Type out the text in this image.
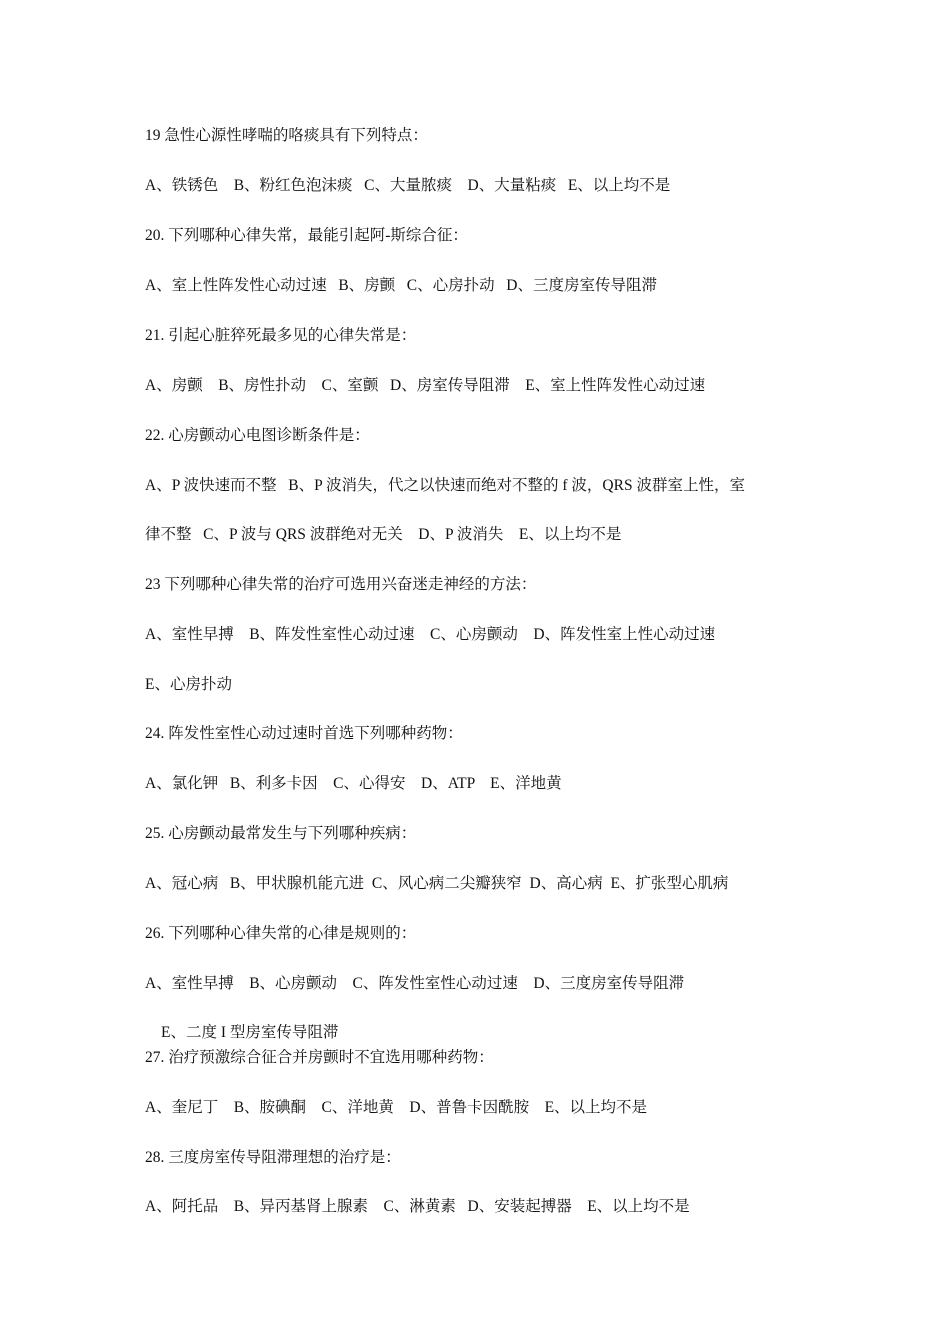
19 急性心源性哮喘的咯痰具有下列特点：
A、铁锈色    B、粉红色泡沫痰   C、大量脓痰    D、大量粘痰   E、以上均不是
20. 下列哪种心律失常，最能引起阿-斯综合征：
A、室上性阵发性心动过速   B、房颤   C、心房扑动   D、三度房室传导阻滞
21. 引起心脏猝死最多见的心律失常是：
A、房颤    B、房性扑动    C、室颤   D、房室传导阻滞    E、室上性阵发性心动过速
22. 心房颤动心电图诊断条件是：
A、P 波快速而不整   B、P 波消失，代之以快速而绝对不整的 f 波，QRS 波群室上性，室
律不整   C、P 波与 QRS 波群绝对无关    D、P 波消失    E、以上均不是
23 下列哪种心律失常的治疗可选用兴奋迷走神经的方法：
A、室性早搏    B、阵发性室性心动过速    C、心房颤动    D、阵发性室上性心动过速
E、心房扑动
24. 阵发性室性心动过速时首选下列哪种药物：
A、氯化钾   B、利多卡因    C、心得安    D、ATP    E、洋地黄
25. 心房颤动最常发生与下列哪种疾病：
A、冠心病   B、甲状腺机能亢进  C、风心病二尖瓣狭窄  D、高心病  E、扩张型心肌病
26. 下列哪种心律失常的心律是规则的：
A、室性早搏    B、心房颤动    C、阵发性室性心动过速    D、三度房室传导阻滞
E、二度 I 型房室传导阻滞
27. 治疗预激综合征合并房颤时不宜选用哪种药物：
A、奎尼丁    B、胺碘酮    C、洋地黄    D、普鲁卡因酰胺    E、以上均不是
28. 三度房室传导阻滞理想的治疗是：
A、阿托品    B、异丙基肾上腺素    C、淋黄素   D、安装起搏器    E、以上均不是
